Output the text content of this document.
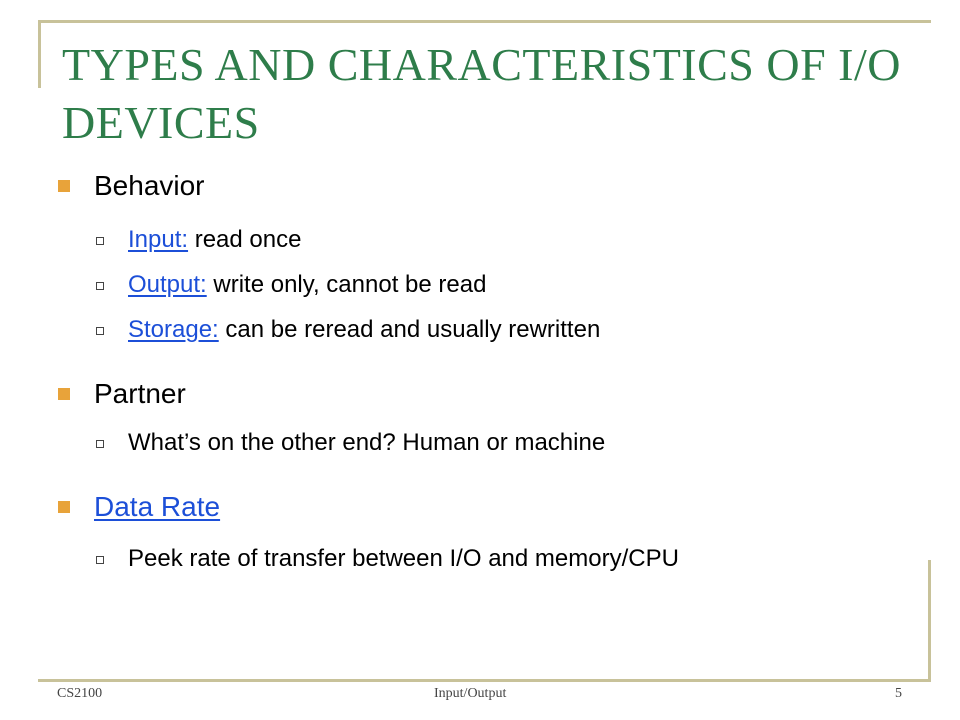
TYPES AND CHARACTERISTICS OF I/O DEVICES
Behavior
Input: read once
Output: write only, cannot be read
Storage: can be reread and usually rewritten
Partner
What’s on the other end? Human or machine
Data Rate
Peek rate of transfer between I/O and memory/CPU
CS2100	Input/Output	5
